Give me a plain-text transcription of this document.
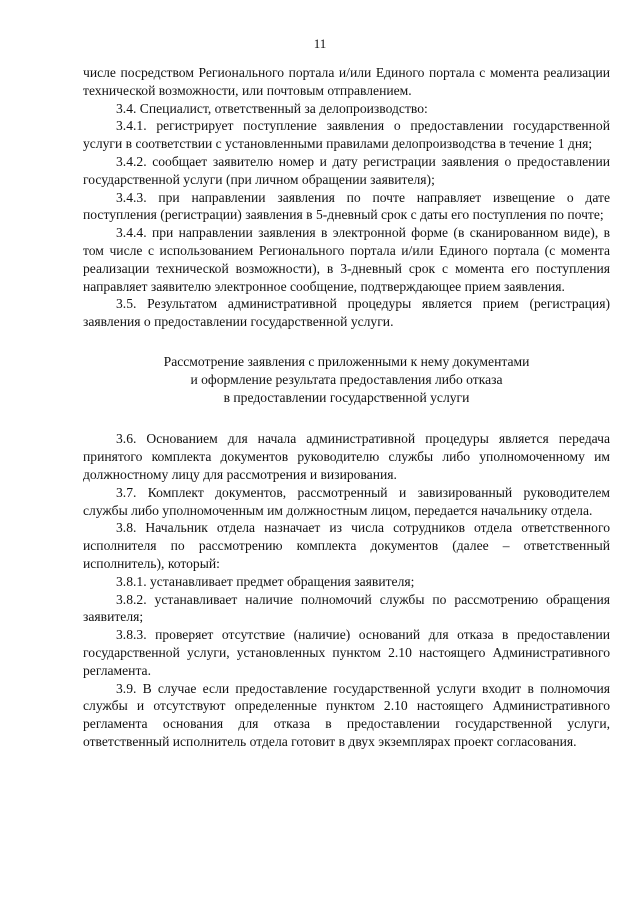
11

числе посредством Регионального портала и/или Единого портала с момента реализации технической возможности, или почтовым отправлением.

3.4. Специалист, ответственный за делопроизводство:

3.4.1. регистрирует поступление заявления о предоставлении государственной услуги в соответствии с установленными правилами делопроизводства в течение 1 дня;

3.4.2. сообщает заявителю номер и дату регистрации заявления о предоставлении государственной услуги (при личном обращении заявителя);

3.4.3. при направлении заявления по почте направляет извещение о дате поступления (регистрации) заявления в 5-дневный срок с даты его поступления по почте;

3.4.4. при направлении заявления в электронной форме (в сканированном виде), в том числе с использованием Регионального портала и/или Единого портала (с момента реализации технической возможности), в 3-дневный срок с момента его поступления направляет заявителю электронное сообщение, подтверждающее прием заявления.

3.5. Результатом административной процедуры является прием (регистрация) заявления о предоставлении государственной услуги.

Рассмотрение заявления с приложенными к нему документами
и оформление результата предоставления либо отказа
в предоставлении государственной услуги

3.6. Основанием для начала административной процедуры является передача принятого комплекта документов руководителю службы либо уполномоченному им должностному лицу для рассмотрения и визирования.

3.7. Комплект документов, рассмотренный и завизированный руководителем службы либо уполномоченным им должностным лицом, передается начальнику отдела.

3.8. Начальник отдела назначает из числа сотрудников отдела ответственного исполнителя по рассмотрению комплекта документов (далее – ответственный исполнитель), который:

3.8.1. устанавливает предмет обращения заявителя;

3.8.2. устанавливает наличие полномочий службы по рассмотрению обращения заявителя;

3.8.3. проверяет отсутствие (наличие) оснований для отказа в предоставлении государственной услуги, установленных пунктом 2.10 настоящего Административного регламента.

3.9. В случае если предоставление государственной услуги входит в полномочия службы и отсутствуют определенные пунктом 2.10 настоящего Административного регламента основания для отказа в предоставлении государственной услуги, ответственный исполнитель отдела готовит в двух экземплярах проект согласования.
